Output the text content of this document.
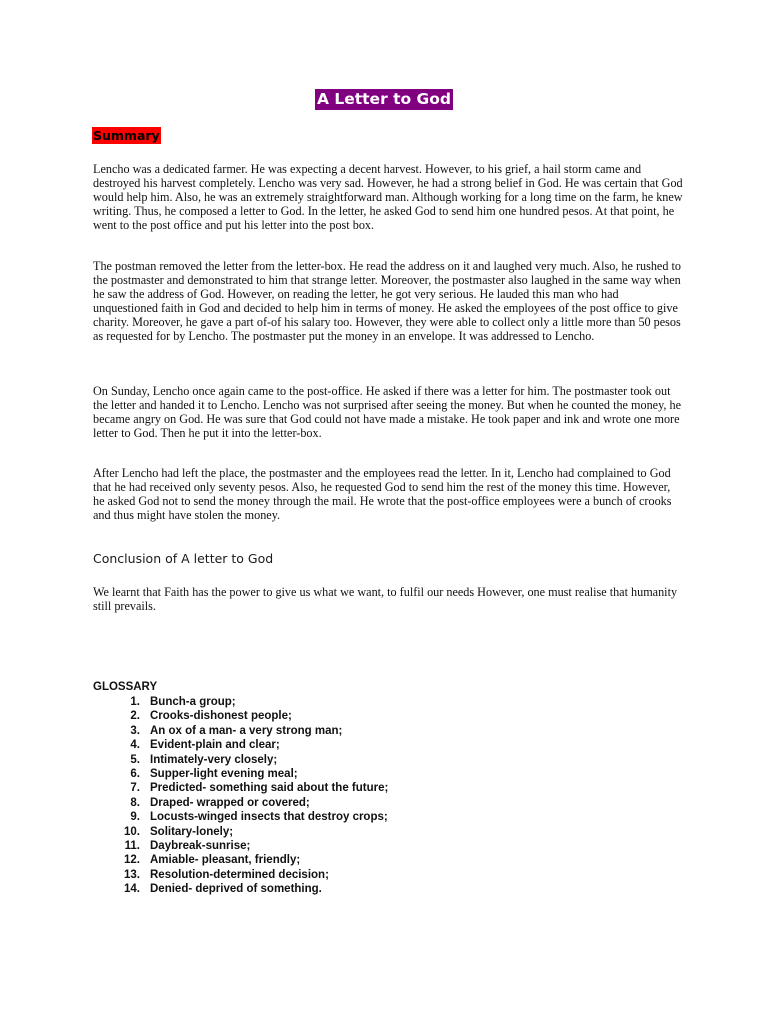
A Letter to God
Summary

Lencho was a dedicated farmer. He was expecting a decent harvest. However, to his grief, a hail storm came and destroyed his harvest completely. Lencho was very sad. However, he had a strong belief in God. He was certain that God would help him. Also, he was an extremely straightforward man. Although working for a long time on the farm, he knew writing. Thus, he composed a letter to God. In the letter, he asked God to send him one hundred pesos. At that point, he went to the post office and put his letter into the post box.

The postman removed the letter from the letter-box. He read the address on it and laughed very much. Also, he rushed to the postmaster and demonstrated to him that strange letter. Moreover, the postmaster also laughed in the same way when he saw the address of God. However, on reading the letter, he got very serious. He lauded this man who had unquestioned faith in God and decided to help him in terms of money. He asked the employees of the post office to give charity. Moreover, he gave a part of-of his salary too. However, they were able to collect only a little more than 50 pesos as requested for by Lencho. The postmaster put the money in an envelope. It was addressed to Lencho.

On Sunday, Lencho once again came to the post-office. He asked if there was a letter for him. The postmaster took out the letter and handed it to Lencho. Lencho was not surprised after seeing the money. But when he counted the money, he became angry on God. He was sure that God could not have made a mistake. He took paper and ink and wrote one more letter to God. Then he put it into the letter-box.

After Lencho had left the place, the postmaster and the employees read the letter. In it, Lencho had complained to God that he had received only seventy pesos. Also, he requested God to send him the rest of the money this time. However, he asked God not to send the money through the mail. He wrote that the post-office employees were a bunch of crooks and thus might have stolen the money.

Conclusion of A letter to God

We learnt that Faith has the power to give us what we want, to fulfil our needs However, one must realise that humanity still prevails.

GLOSSARY
1. Bunch-a group;
2. Crooks-dishonest people;
3. An ox of a man- a very strong man;
4. Evident-plain and clear;
5. Intimately-very closely;
6. Supper-light evening meal;
7. Predicted- something said about the future;
8. Draped- wrapped or covered;
9. Locusts-winged insects that destroy crops;
10. Solitary-lonely;
11. Daybreak-sunrise;
12. Amiable- pleasant, friendly;
13. Resolution-determined decision;
14. Denied- deprived of something.
